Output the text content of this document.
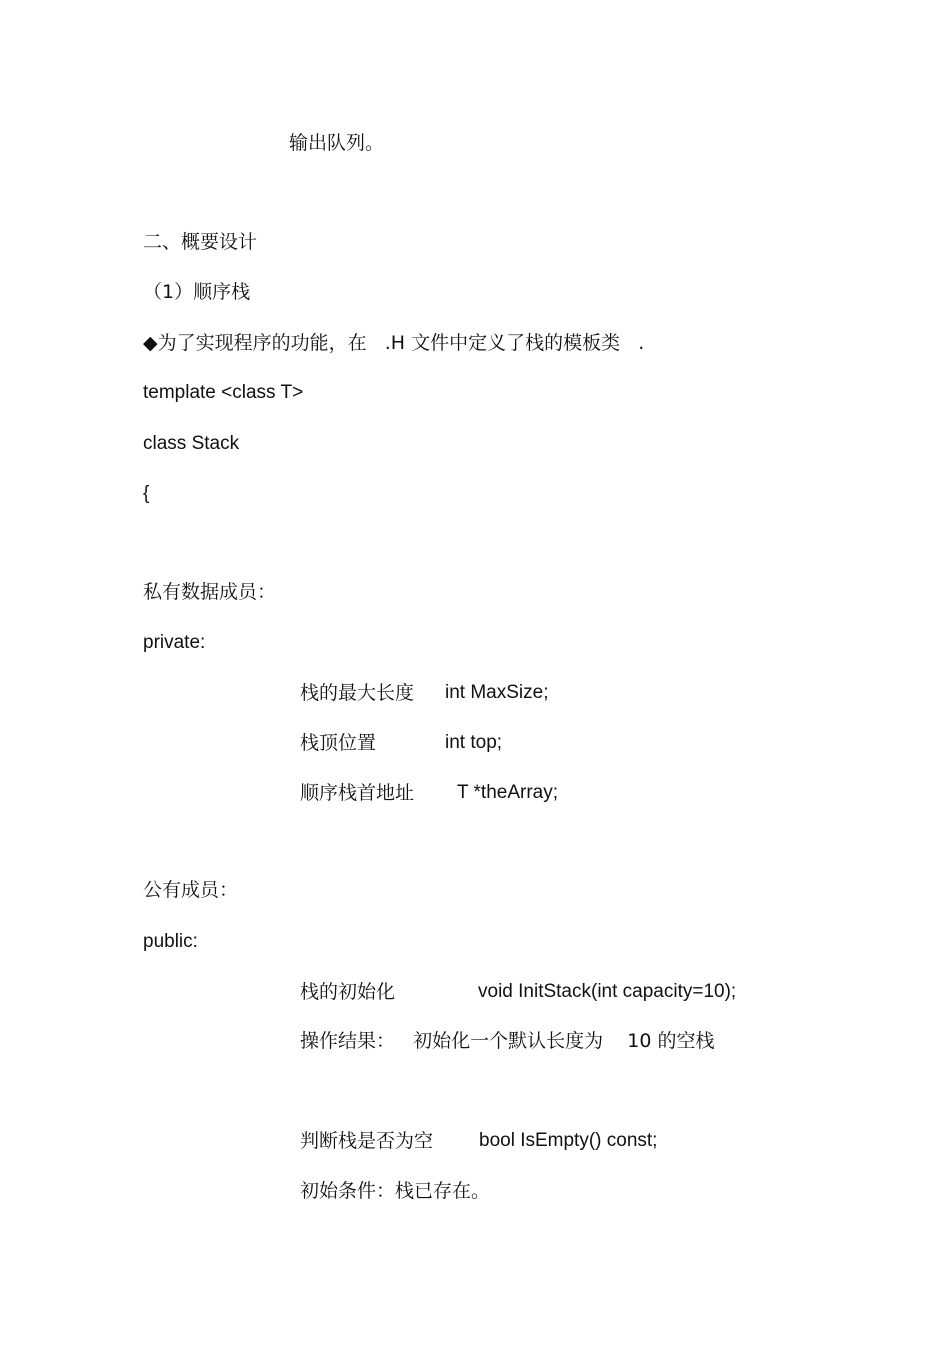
输出队列。

二、概要设计

（1）顺序栈

◆为了实现程序的功能，在   .H 文件中定义了栈的模板类   .

template <class T>

class Stack

{

私有数据成员：

private:

栈的最大长度 int MaxSize;

栈顶位置	int top;

顺序栈首地址 T *theArray;

公有成员：

public:

栈的初始化	void InitStack(int capacity=10);

操作结果：   初始化一个默认长度为    10 的空栈

判断栈是否为空 bool IsEmpty() const;

初始条件：栈已存在。
